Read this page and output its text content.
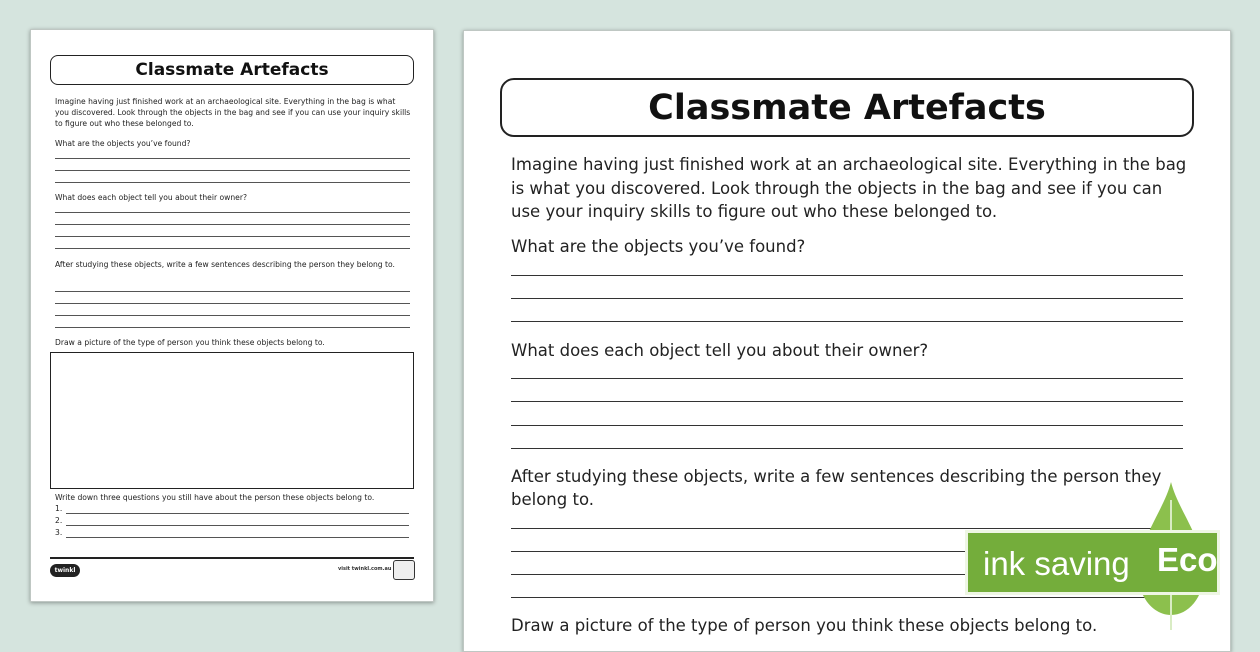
Classmate Artefacts
Imagine having just finished work at an archaeological site. Everything in the bag is what you discovered. Look through the objects in the bag and see if you can use your inquiry skills to figure out who these belonged to.
What are the objects you’ve found?
What does each object tell you about their owner?
After studying these objects, write a few sentences describing the person they belong to.
Draw a picture of the type of person you think these objects belong to.
Write down three questions you still have about the person these objects belong to.
1.
2.
3.
twinkl	visit twinkl.com.au
Classmate Artefacts
Imagine having just finished work at an archaeological site. Everything in the bag is what you discovered. Look through the objects in the bag and see if you can use your inquiry skills to figure out who these belonged to.
What are the objects you’ve found?
What does each object tell you about their owner?
After studying these objects, write a few sentences describing the person they belong to.
Draw a picture of the type of person you think these objects belong to.
ink saving Eco
